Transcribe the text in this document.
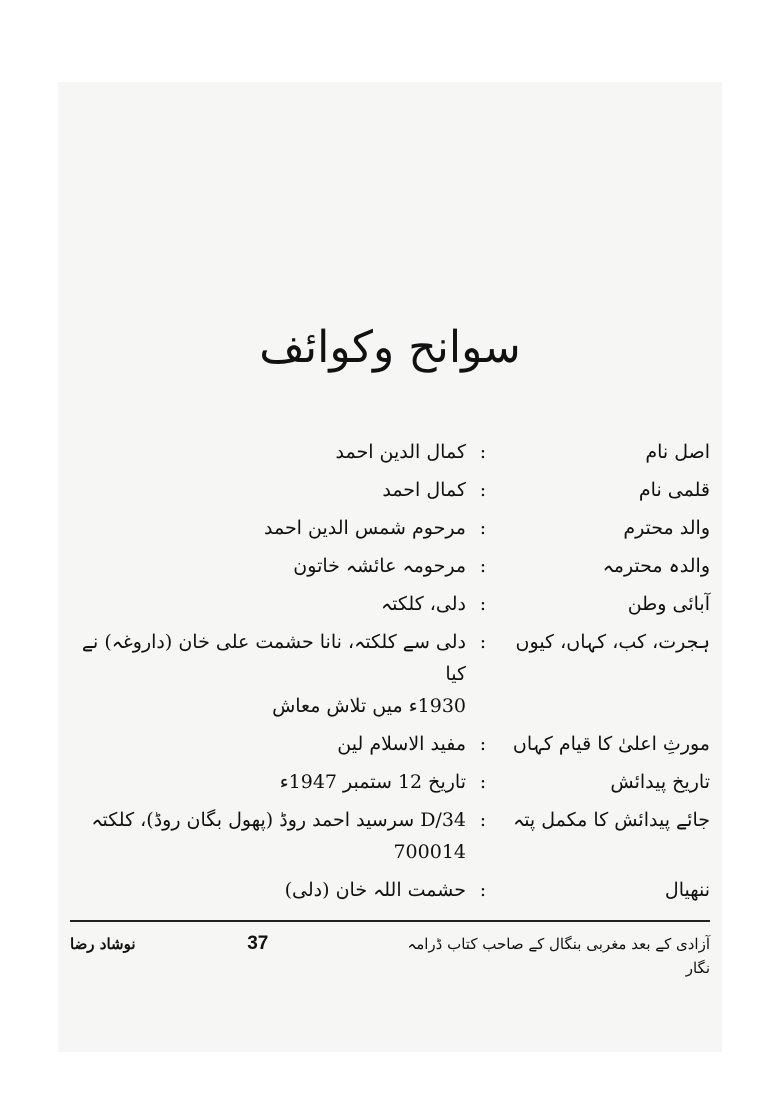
سوانح وکوائف
اصل نام
:
کمال الدین احمد
قلمی نام
:
کمال احمد
والد محترم
:
مرحوم شمس الدین احمد
والدہ محترمہ
:
مرحومہ عائشہ خاتون
آبائی وطن
:
دلی، کلکتہ
ہجرت، کب، کہاں، کیوں
:
دلی سے کلکتہ، نانا حشمت علی خان (داروغہ) نے کیا
1930ء میں تلاش معاش
مورثِ اعلیٰ کا قیام کہاں
:
مفید الاسلام لین
تاریخ پیدائش
:
تاریخ 12 ستمبر 1947ء
جائے پیدائش کا مکمل پتہ
:
D/34 سرسید احمد روڈ (پھول بگان روڈ)، کلکتہ 700014
ننھیال
:
حشمت اللہ خان (دلی)
آزادی کے بعد مغربی بنگال کے صاحب کتاب ڈرامہ نگار
37
نوشاد رضا
